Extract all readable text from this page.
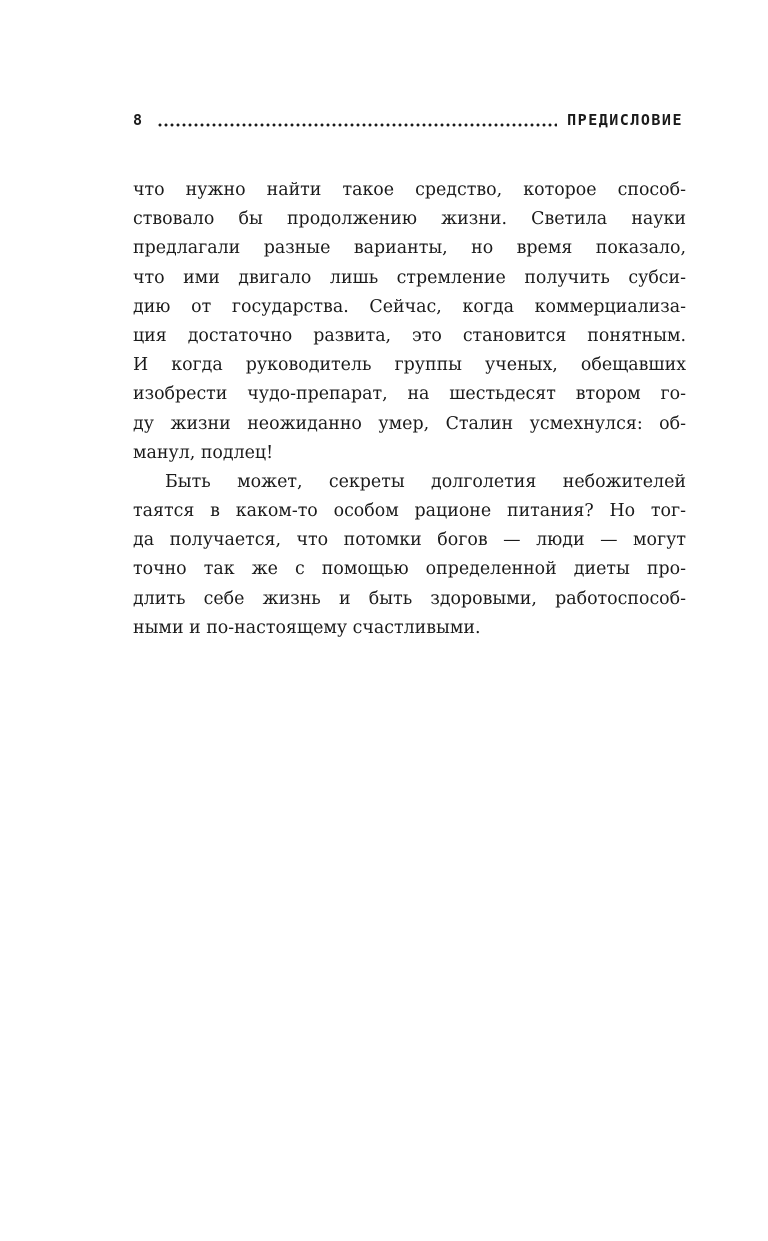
8	ПРЕДИСЛОВИЕ

что нужно найти такое средство, которое способ-
ствовало бы продолжению жизни. Светила науки
предлагали разные варианты, но время показало,
что ими двигало лишь стремление получить субси-
дию от государства. Сейчас, когда коммерциализа-
ция достаточно развита, это становится понятным.
И когда руководитель группы ученых, обещавших
изобрести чудо-препарат, на шестьдесят втором го-
ду жизни неожиданно умер, Сталин усмехнулся: об-
манул, подлец!

Быть может, секреты долголетия небожителей
таятся в каком-то особом рационе питания? Но тог-
да получается, что потомки богов — люди — могут
точно так же с помощью определенной диеты про-
длить себе жизнь и быть здоровыми, работоспособ-
ными и по-настоящему счастливыми.
